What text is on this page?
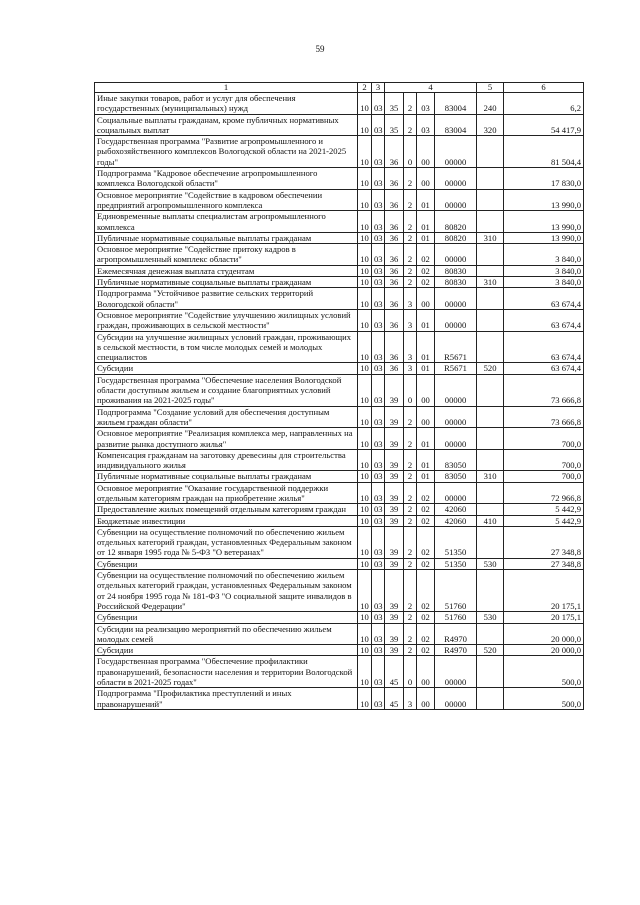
59
1	2	3	4				5	6
Иные закупки товаров, работ и услуг для обеспечения государственных (муниципальных) нужд	10	03	35	2	03	83004	240	6,2
Социальные выплаты гражданам, кроме публичных нормативных социальных выплат	10	03	35	2	03	83004	320	54 417,9
Государственная программа "Развитие агропромышленного и рыбохозяйственного комплексов Вологодской области на 2021-2025 годы"	10	03	36	0	00	00000		81 504,4
Подпрограмма "Кадровое обеспечение агропромышленного комплекса Вологодской области"	10	03	36	2	00	00000		17 830,0
Основное мероприятие "Содействие в кадровом обеспечении предприятий агропромышленного комплекса	10	03	36	2	01	00000		13 990,0
Единовременные выплаты специалистам агропромышленного комплекса	10	03	36	2	01	80820		13 990,0
Публичные нормативные социальные выплаты гражданам	10	03	36	2	01	80820	310	13 990,0
Основное мероприятие "Содействие притоку кадров в агропромышленный комплекс области"	10	03	36	2	02	00000		3 840,0
Ежемесячная денежная выплата студентам	10	03	36	2	02	80830		3 840,0
Публичные нормативные социальные выплаты гражданам	10	03	36	2	02	80830	310	3 840,0
Подпрограмма "Устойчивое развитие сельских территорий Вологодской области"	10	03	36	3	00	00000		63 674,4
Основное мероприятие "Содействие улучшению жилищных условий граждан, проживающих в сельской местности"	10	03	36	3	01	00000		63 674,4
Субсидии на улучшение жилищных условий граждан, проживающих в сельской местности, в том числе молодых семей и молодых специалистов	10	03	36	3	01	R5671		63 674,4
Субсидии	10	03	36	3	01	R5671	520	63 674,4
Государственная программа "Обеспечение населения Вологодской области доступным жильем и создание благоприятных условий проживания на 2021-2025 годы"	10	03	39	0	00	00000		73 666,8
Подпрограмма "Создание условий для обеспечения доступным жильем граждан области"	10	03	39	2	00	00000		73 666,8
Основное мероприятие "Реализация комплекса мер, направленных на развитие рынка доступного жилья"	10	03	39	2	01	00000		700,0
Компенсация гражданам на заготовку древесины для строительства индивидуального жилья	10	03	39	2	01	83050		700,0
Публичные нормативные социальные выплаты гражданам	10	03	39	2	01	83050	310	700,0
Основное мероприятие "Оказание государственной поддержки отдельным категориям граждан на приобретение жилья"	10	03	39	2	02	00000		72 966,8
Предоставление жилых помещений отдельным категориям граждан	10	03	39	2	02	42060		5 442,9
Бюджетные инвестиции	10	03	39	2	02	42060	410	5 442,9
Субвенции на осуществление полномочий по обеспечению жильем отдельных категорий граждан, установленных Федеральным законом от 12 января 1995 года № 5-ФЗ "О ветеранах"	10	03	39	2	02	51350		27 348,8
Субвенции	10	03	39	2	02	51350	530	27 348,8
Субвенции на осуществление полномочий по обеспечению жильем отдельных категорий граждан, установленных Федеральным законом от 24 ноября 1995 года № 181-ФЗ "О социальной защите инвалидов в Российской Федерации"	10	03	39	2	02	51760		20 175,1
Субвенции	10	03	39	2	02	51760	530	20 175,1
Субсидии на реализацию мероприятий по обеспечению жильем молодых семей	10	03	39	2	02	R4970		20 000,0
Субсидии	10	03	39	2	02	R4970	520	20 000,0
Государственная программа "Обеспечение профилактики правонарушений, безопасности населения и территории Вологодской области в 2021-2025 годах"	10	03	45	0	00	00000		500,0
Подпрограмма "Профилактика преступлений и иных правонарушений"	10	03	45	3	00	00000		500,0
